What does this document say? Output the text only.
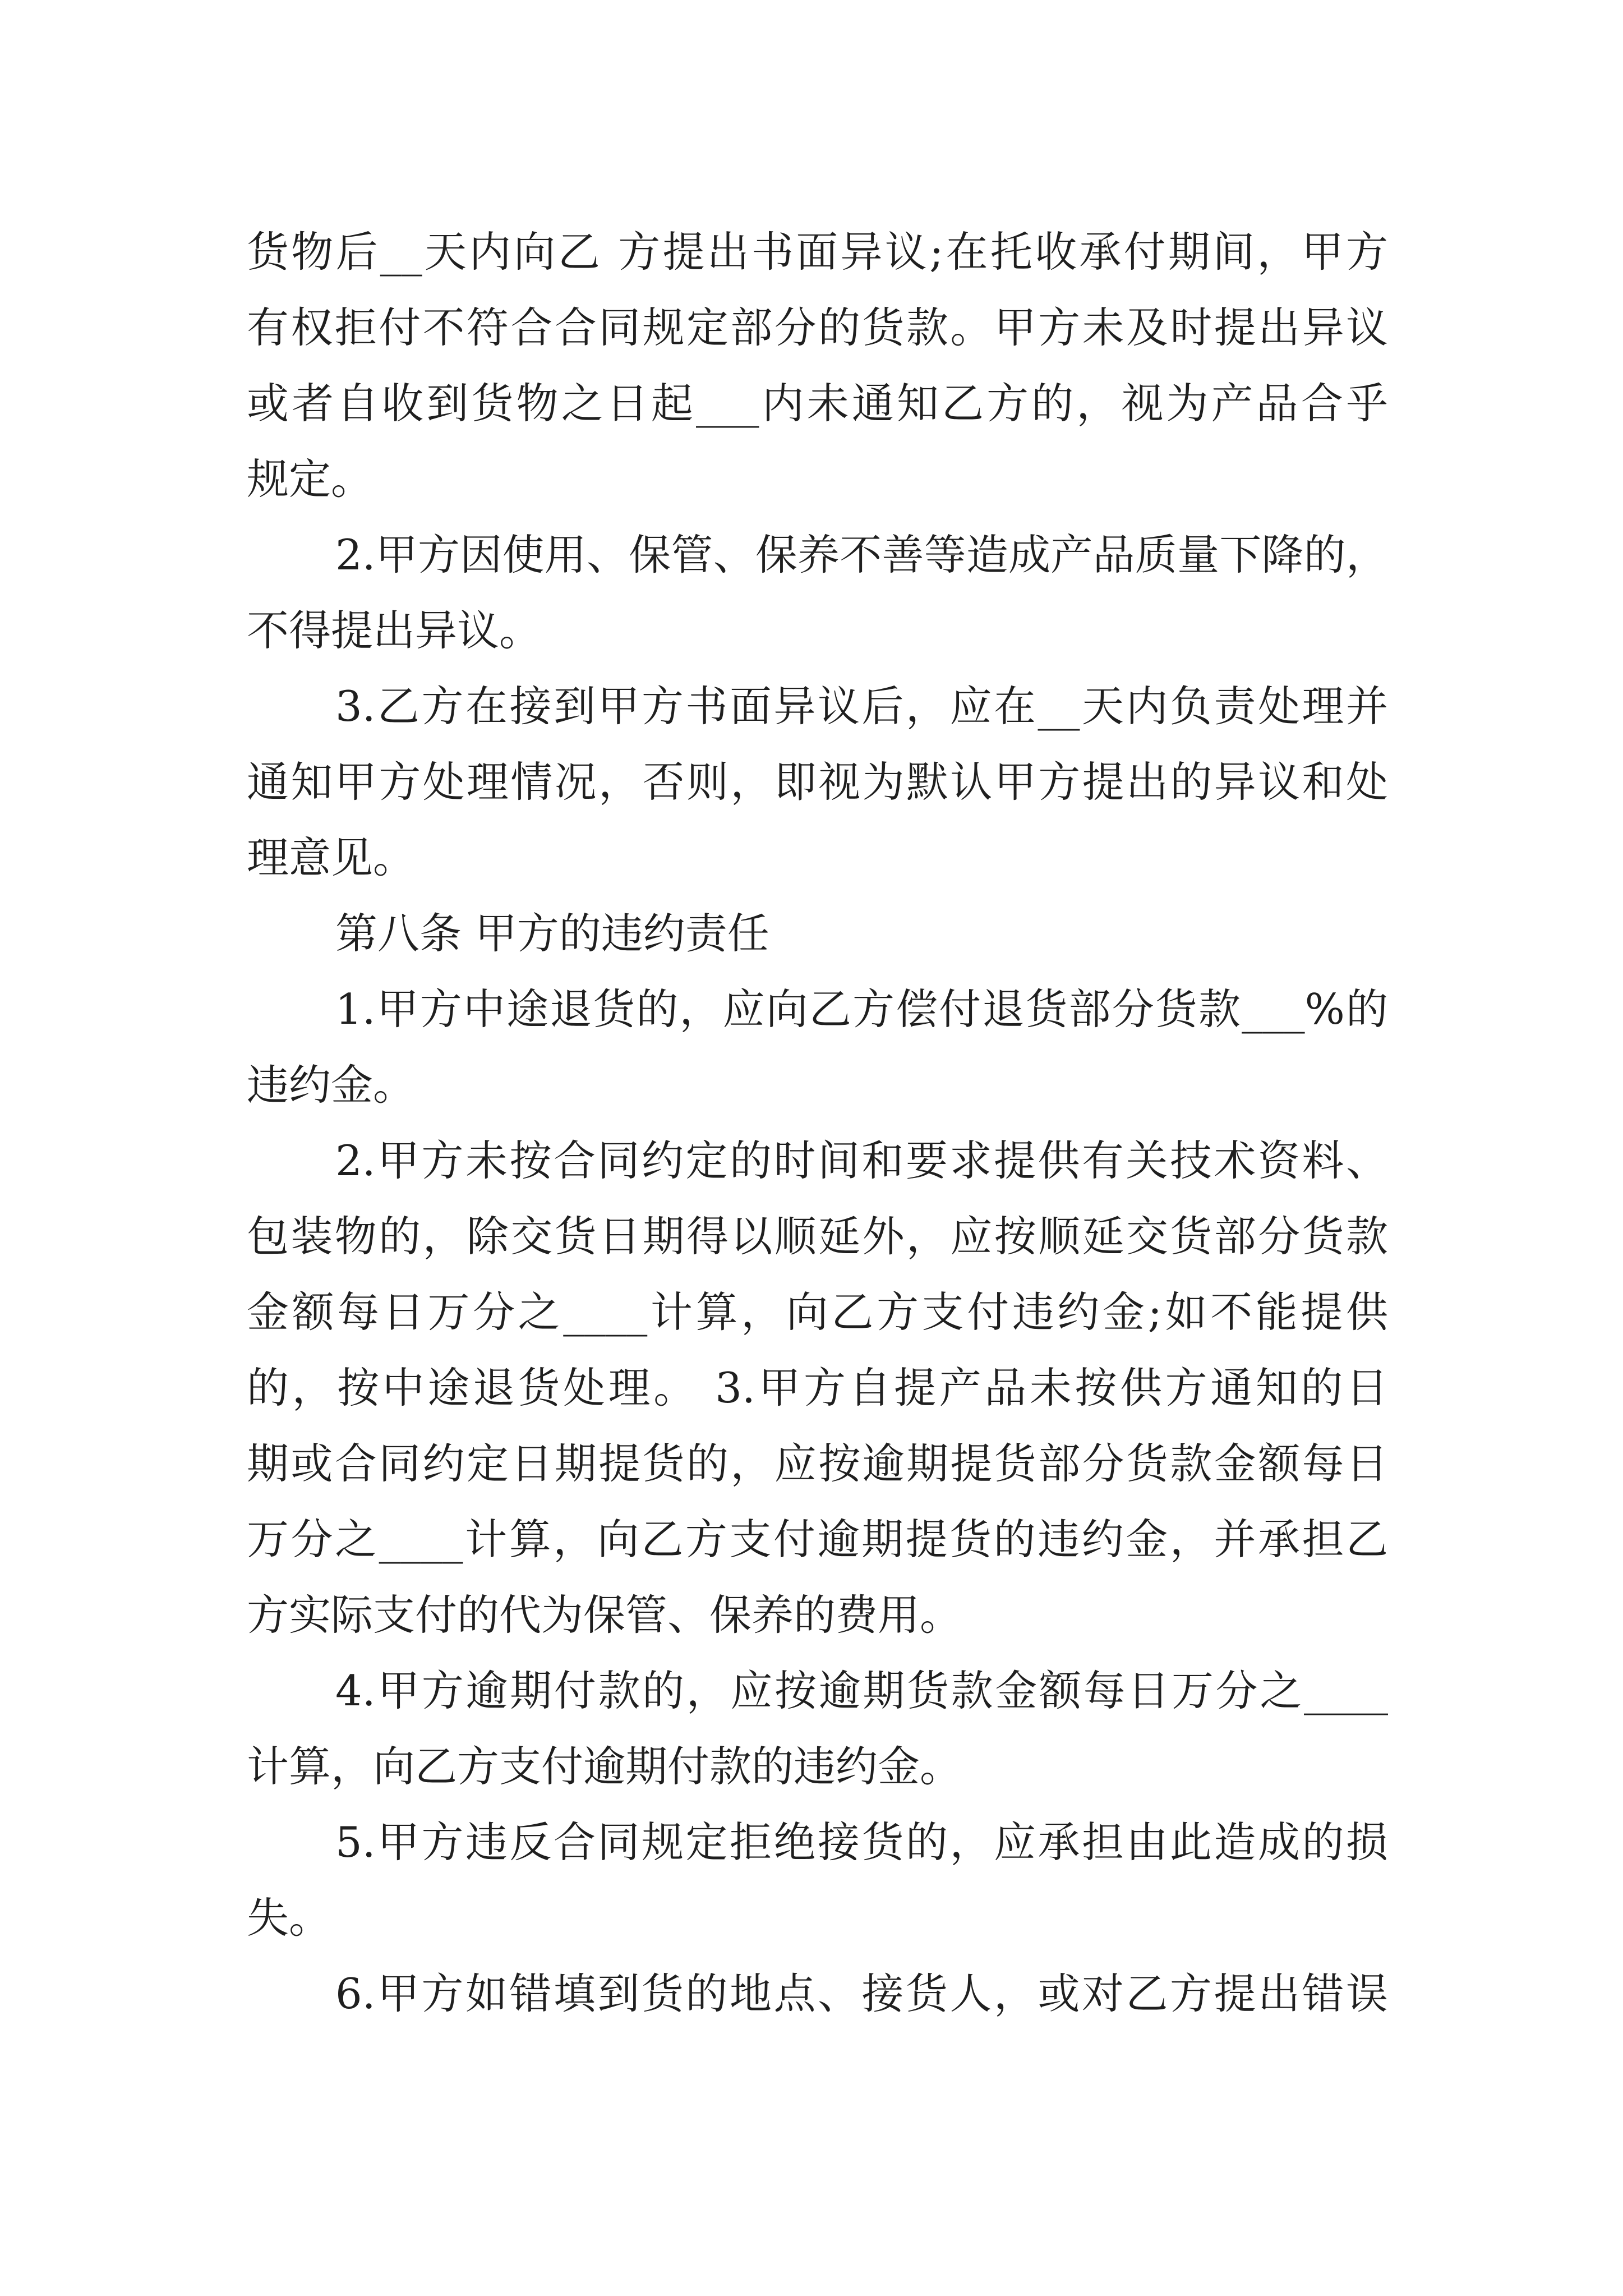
货物后__天内向乙 方提出书面异议;在托收承付期间，甲方
有权拒付不符合合同规定部分的货款。甲方未及时提出异议
或者自收到货物之日起___内未通知乙方的，视为产品合乎
规定。
2.甲方因使用、保管、保养不善等造成产品质量下降的，
不得提出异议。
3.乙方在接到甲方书面异议后，应在__天内负责处理并
通知甲方处理情况，否则，即视为默认甲方提出的异议和处
理意见。
第八条 甲方的违约责任
1.甲方中途退货的，应向乙方偿付退货部分货款___%的
违约金。
2.甲方未按合同约定的时间和要求提供有关技术资料、
包装物的，除交货日期得以顺延外，应按顺延交货部分货款
金额每日万分之____计算，向乙方支付违约金;如不能提供
的，按中途退货处理。 3.甲方自提产品未按供方通知的日
期或合同约定日期提货的，应按逾期提货部分货款金额每日
万分之____计算，向乙方支付逾期提货的违约金，并承担乙
方实际支付的代为保管、保养的费用。
4.甲方逾期付款的，应按逾期货款金额每日万分之____
计算，向乙方支付逾期付款的违约金。
5.甲方违反合同规定拒绝接货的，应承担由此造成的损
失。
6.甲方如错填到货的地点、接货人，或对乙方提出错误
